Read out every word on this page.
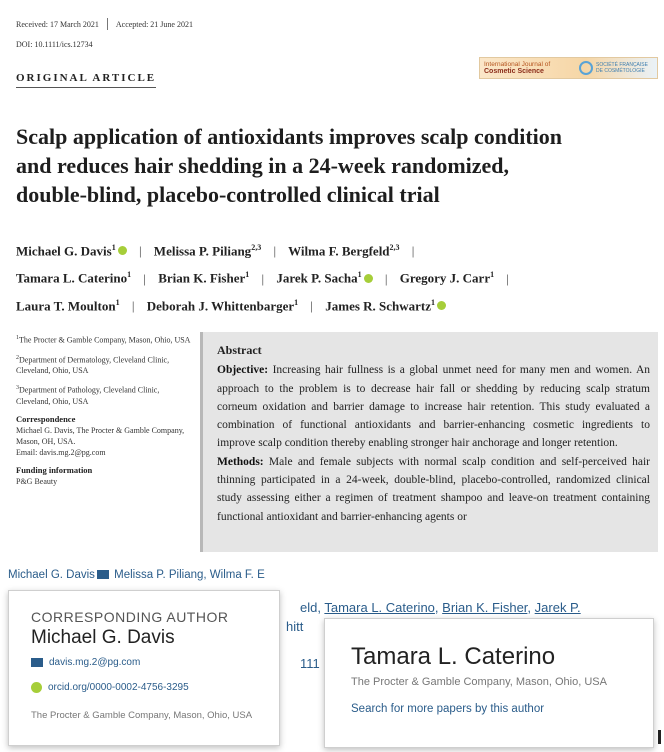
Received: 17 March 2021 Accepted: 21 June 2021
DOI: 10.1111/ics.12734
ORIGINAL ARTICLE
International Journal of
Cosmetic Science
SOCIÉTÉ FRANÇAISE DE COSMÉTOLOGIE
Scalp application of antioxidants improves scalp condition
and reduces hair shedding in a 24-week randomized,
double-blind, placebo-controlled clinical trial
Michael G. Davis$^1$ | Melissa P. Piliang$^{2,3}$ | Wilma F. Bergfeld$^{2,3}$ |
Tamara L. Caterino$^1$ | Brian K. Fisher$^1$ | Jarek P. Sacha$^1$ | Gregory J. Carr$^1$ |
Laura T. Moulton$^1$ | Deborah J. Whittenbarger$^1$ | James R. Schwartz$^1$

$^1$The Procter & Gamble Company, Mason, Ohio, USA

$^2$Department of Dermatology, Cleveland Clinic, Cleveland, Ohio, USA

$^3$Department of Pathology, Cleveland Clinic, Cleveland, Ohio, USA

Correspondence
Michael G. Davis, The Procter & Gamble Company, Mason, OH, USA.

Email: davis.mg.2@pg.com

Funding information
P&G Beauty
Abstract
Objective: Increasing hair fullness is a global unmet need for many men and women. An approach to the problem is to decrease hair fall or shedding by reducing scalp stratum corneum oxidation and barrier damage to increase hair retention. This study evaluated a combination of functional antioxidants and barrier-enhancing cosmetic ingredients to improve scalp condition thereby enabling stronger hair anchorage and longer retention.
Methods: Male and female subjects with normal scalp condition and self-perceived hair thinning participated in a 24-week, double-blind, placebo-controlled, randomized clinical study assessing either a regimen of treatment shampoo and leave-on treatment containing functional antioxidant and barrier-enhancing agents or
Michael G. Davis Melissa P. Piliang, Wilma F. E
eld, Tamara L. Caterino, Brian K. Fisher, Jarek P.
hitt
111
CORRESPONDING AUTHOR
Michael G. Davis
davis.mg.2@pg.com
orcid.org/0000-0002-4756-3295
The Procter & Gamble Company, Mason, Ohio, USA
Tamara L. Caterino
The Procter & Gamble Company, Mason, Ohio, USA
Search for more papers by this author
